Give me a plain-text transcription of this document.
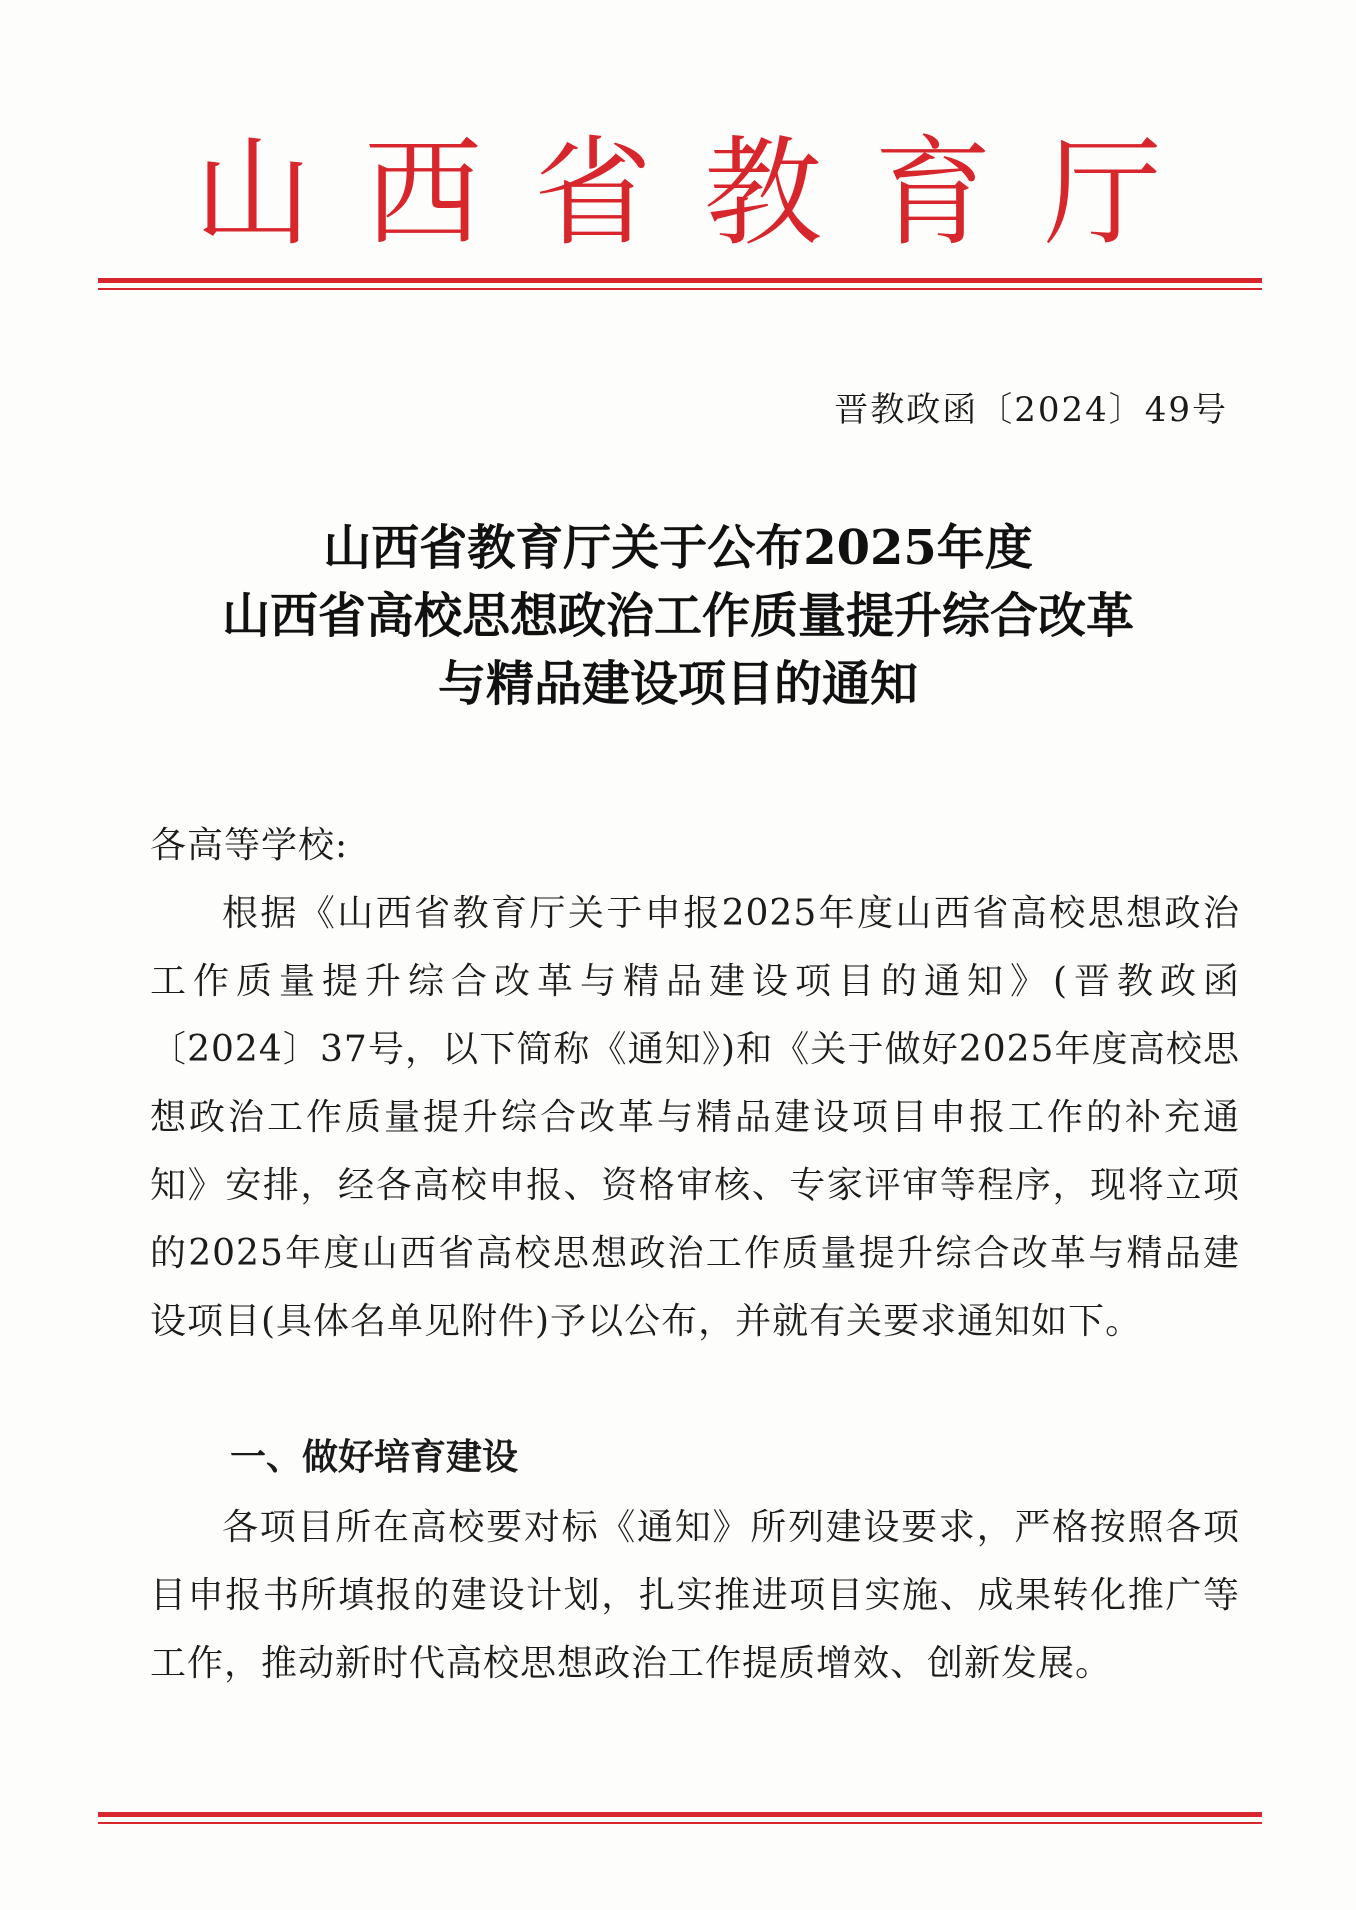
山西省教育厅
晋教政函〔2024〕49号
山西省教育厅关于公布2025年度
山西省高校思想政治工作质量提升综合改革
与精品建设项目的通知
各高等学校:
根据《山西省教育厅关于申报2025年度山西省高校思想政治工作质量提升综合改革与精品建设项目的通知》(晋教政函〔2024〕37号，以下简称《通知》)和《关于做好2025年度高校思想政治工作质量提升综合改革与精品建设项目申报工作的补充通知》安排，经各高校申报、资格审核、专家评审等程序，现将立项的2025年度山西省高校思想政治工作质量提升综合改革与精品建设项目(具体名单见附件)予以公布，并就有关要求通知如下。
一、做好培育建设
各项目所在高校要对标《通知》所列建设要求，严格按照各项目申报书所填报的建设计划，扎实推进项目实施、成果转化推广等工作，推动新时代高校思想政治工作提质增效、创新发展。
